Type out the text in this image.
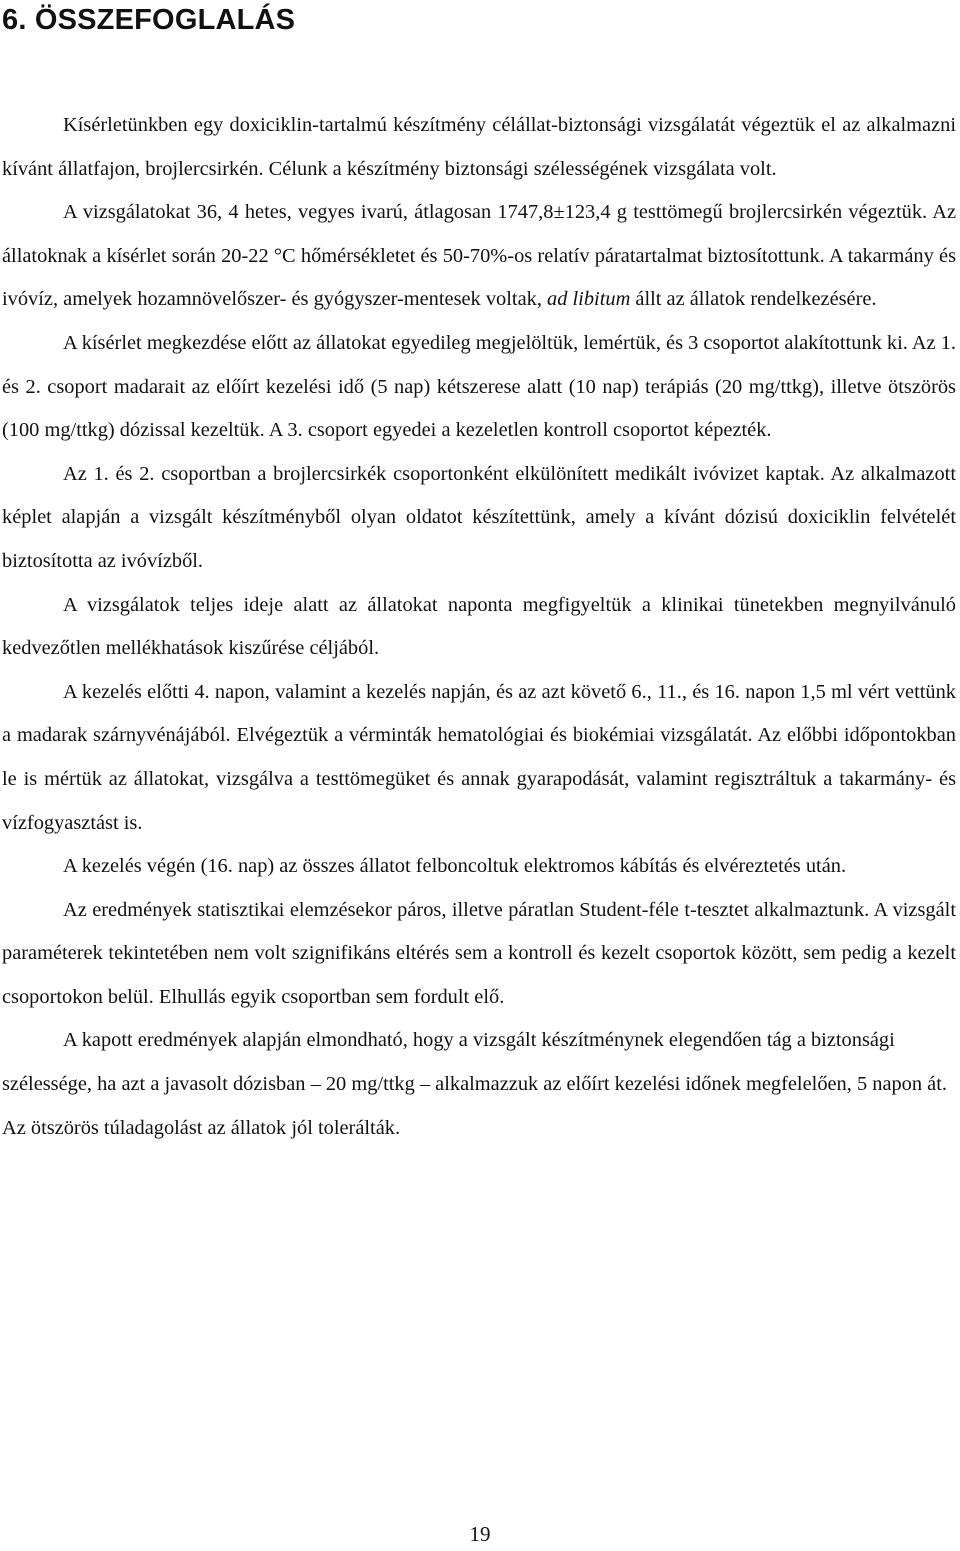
6. ÖSSZEFOGLALÁS

Kísérletünkben egy doxiciklin-tartalmú készítmény célállat-biztonsági vizsgálatát végeztük el az alkalmazni kívánt állatfajon, brojlercsirkén. Célunk a készítmény biztonsági szélességének vizsgálata volt.

A vizsgálatokat 36, 4 hetes, vegyes ivarú, átlagosan 1747,8±123,4 g testtömegű brojlercsirkén végeztük. Az állatoknak a kísérlet során 20-22 °C hőmérsékletet és 50-70%-os relatív páratartalmat biztosítottunk. A takarmány és ivóvíz, amelyek hozamnövelőszer- és gyógyszer-mentesek voltak, ad libitum állt az állatok rendelkezésére.

A kísérlet megkezdése előtt az állatokat egyedileg megjelöltük, lemértük, és 3 csoportot alakítottunk ki. Az 1. és 2. csoport madarait az előírt kezelési idő (5 nap) kétszerese alatt (10 nap) terápiás (20 mg/ttkg), illetve ötszörös (100 mg/ttkg) dózissal kezeltük. A 3. csoport egyedei a kezeletlen kontroll csoportot képezték.

Az 1. és 2. csoportban a brojlercsirkék csoportonként elkülönített medikált ivóvizet kaptak. Az alkalmazott képlet alapján a vizsgált készítményből olyan oldatot készítettünk, amely a kívánt dózisú doxiciklin felvételét biztosította az ivóvízből.

A vizsgálatok teljes ideje alatt az állatokat naponta megfigyeltük a klinikai tünetekben megnyilvánuló kedvezőtlen mellékhatások kiszűrése céljából.

A kezelés előtti 4. napon, valamint a kezelés napján, és az azt követő 6., 11., és 16. napon 1,5 ml vért vettünk a madarak szárnyvénájából. Elvégeztük a vérminták hematológiai és biokémiai vizsgálatát. Az előbbi időpontokban le is mértük az állatokat, vizsgálva a testtömegüket és annak gyarapodását, valamint regisztráltuk a takarmány- és vízfogyasztást is.

A kezelés végén (16. nap) az összes állatot felboncoltuk elektromos kábítás és elvéreztetés után.

Az eredmények statisztikai elemzésekor páros, illetve páratlan Student-féle t-tesztet alkalmaztunk. A vizsgált paraméterek tekintetében nem volt szignifikáns eltérés sem a kontroll és kezelt csoportok között, sem pedig a kezelt csoportokon belül. Elhullás egyik csoportban sem fordult elő.

A kapott eredmények alapján elmondható, hogy a vizsgált készítménynek elegendően tág a biztonsági szélessége, ha azt a javasolt dózisban – 20 mg/ttkg – alkalmazzuk az előírt kezelési időnek megfelelően, 5 napon át. Az ötszörös túladagolást az állatok jól tolerálták.

19
